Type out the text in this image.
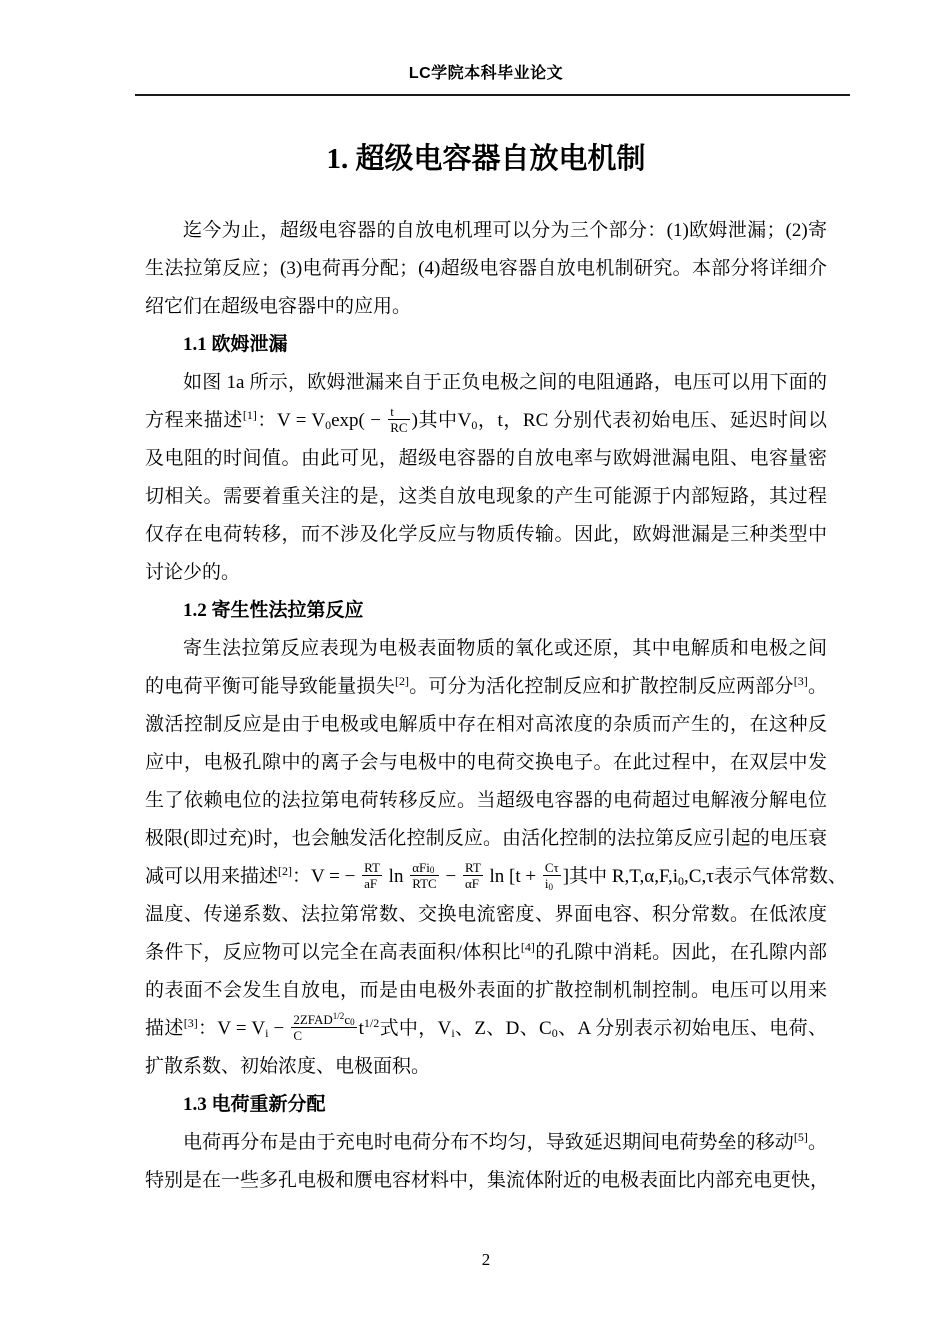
LC学院本科毕业论文
1. 超级电容器自放电机制
迄今为止，超级电容器的自放电机理可以分为三个部分：(1)欧姆泄漏；(2)寄
生法拉第反应；(3)电荷再分配；(4)超级电容器自放电机制研究。本部分将详细介
绍它们在超级电容器中的应用。
1.1 欧姆泄漏
如图 1a 所示，欧姆泄漏来自于正负电极之间的电阻通路，电压可以用下面的
方程来描述[1]：$V = V_0\exp( - \frac{t}{RC}$ )其中$V_0$，t，RC 分别代表初始电压、延迟时间以
及电阻的时间值。由此可见，超级电容器的自放电率与欧姆泄漏电阻、电容量密
切相关。需要着重关注的是，这类自放电现象的产生可能源于内部短路，其过程
仅存在电荷转移，而不涉及化学反应与物质传输。因此，欧姆泄漏是三种类型中
讨论少的。
1.2 寄生性法拉第反应
寄生法拉第反应表现为电极表面物质的氧化或还原，其中电解质和电极之间
的电荷平衡可能导致能量损失[2]。可分为活化控制反应和扩散控制反应两部分[3]。
激活控制反应是由于电极或电解质中存在相对高浓度的杂质而产生的，在这种反
应中，电极孔隙中的离子会与电极中的电荷交换电子。在此过程中，在双层中发
生了依赖电位的法拉第电荷转移反应。当超级电容器的电荷超过电解液分解电位
极限(即过充)时，也会触发活化控制反应。由活化控制的法拉第反应引起的电压衰
减可以用来描述[2]：V = − $\frac{RT}{aF}$ $\ln \frac{\alpha Fi_0}{\text{RTC}} - \frac{RT}{\alpha F}$ $\ln [t + \frac{C\tau}{i_0}$ ]其中 $R,T,\alpha,F,i_0,C,\tau$表示气体常数、
温度、传递系数、法拉第常数、交换电流密度、界面电容、积分常数。在低浓度
条件下，反应物可以完全在高表面积/体积比[4]的孔隙中消耗。因此，在孔隙内部
的表面不会发生自放电，而是由电极外表面的扩散控制机制控制。电压可以用来
描述[3]：$V = V_i - \frac{2ZFAD^{1/2}c_0}{C} t^{1/2}$式中，$V_i$、Z、D、$C_0$、A 分别表示初始电压、电荷、
扩散系数、初始浓度、电极面积。
1.3 电荷重新分配
电荷再分布是由于充电时电荷分布不均匀，导致延迟期间电荷势垒的移动[5]。
特别是在一些多孔电极和赝电容材料中，集流体附近的电极表面比内部充电更快，
2
